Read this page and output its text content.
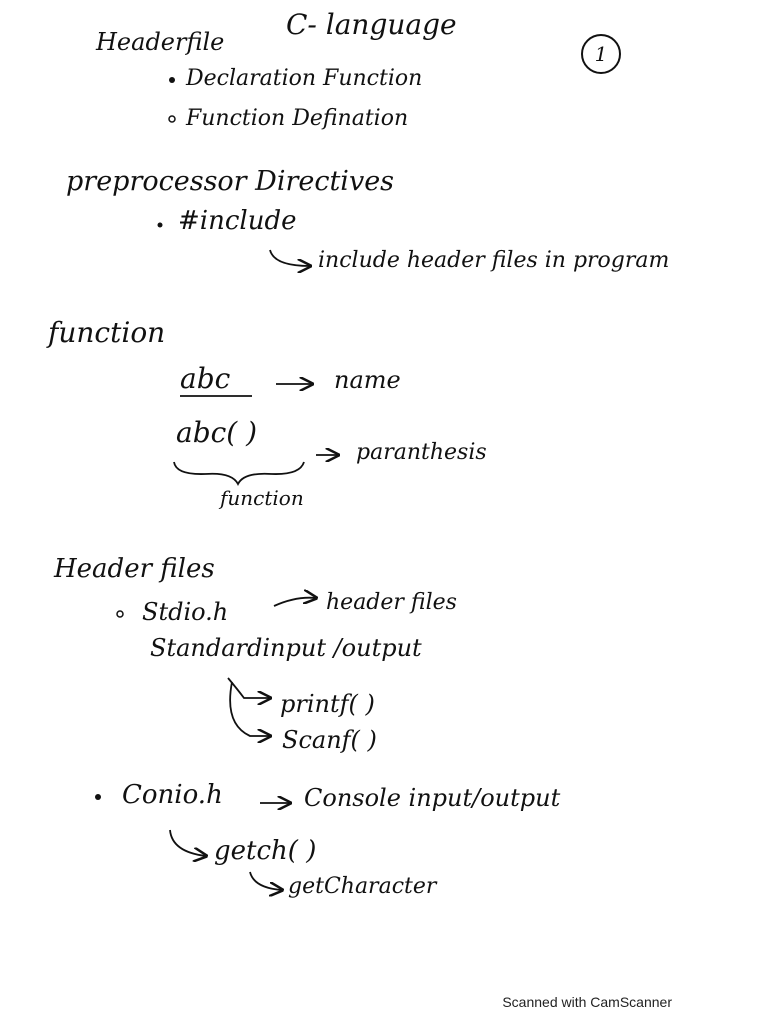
C- language
1
Headerfile
Declaration Function
Function Defination
preprocessor Directives
#include
include header files in program
function
abc	name
abc( )
paranthesis
function
Header files
Stdio.h	header files
Standardinput /output
printf( )
Scanf( )
Conio.h	Console input/output
getch( )
getCharacter
Scanned with CamScanner
